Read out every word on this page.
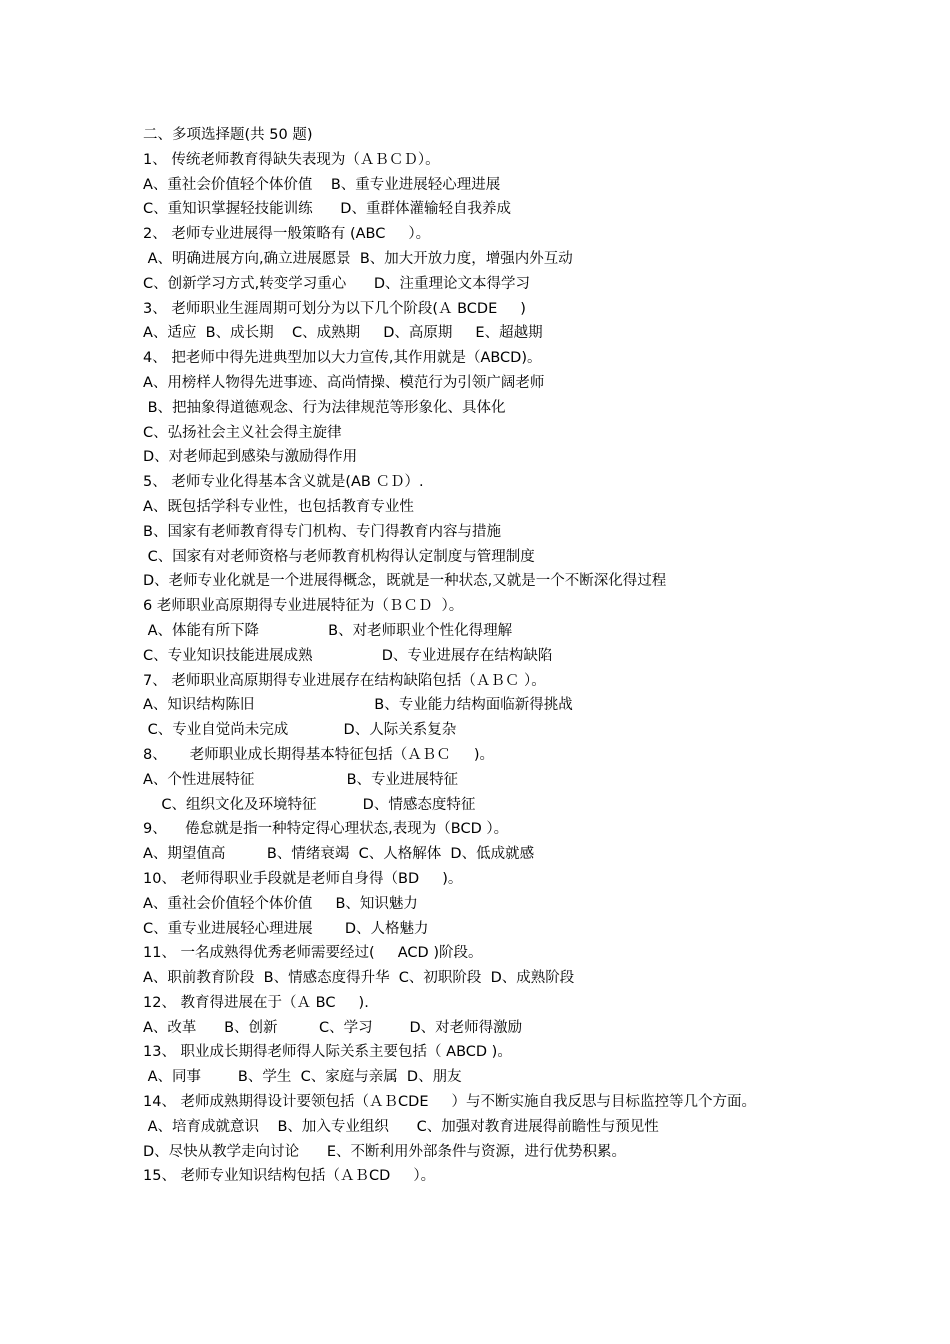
二、多项选择题(共 50 题)
1、 传统老师教育得缺失表现为（ＡＢＣＤ）。
A、重社会价值轻个体价值    B、重专业进展轻心理进展
C、重知识掌握轻技能训练      D、重群体灌输轻自我养成
2、 老师专业进展得一般策略有 (ABC     ）。
A、明确进展方向,确立进展愿景  B、加大开放力度，增强内外互动
C、创新学习方式,转变学习重心      D、注重理论文本得学习
3、 老师职业生涯周期可划分为以下几个阶段(Ａ BCDE     )
A、适应  B、成长期    C、成熟期     D、高原期     E、超越期
4、 把老师中得先进典型加以大力宣传,其作用就是（ABCD)。
A、用榜样人物得先进事迹、高尚情操、模范行为引领广阔老师
B、把抽象得道德观念、行为法律规范等形象化、具体化
C、弘扬社会主义社会得主旋律
D、对老师起到感染与激励得作用
5、 老师专业化得基本含义就是(AB ＣＤ）.
A、既包括学科专业性，也包括教育专业性
B、国家有老师教育得专门机构、专门得教育内容与措施
C、国家有对老师资格与老师教育机构得认定制度与管理制度
D、老师专业化就是一个进展得概念，既就是一种状态,又就是一个不断深化得过程
6 老师职业高原期得专业进展特征为（ＢＣＤ  ）。
A、体能有所下降               B、对老师职业个性化得理解
C、专业知识技能进展成熟               D、专业进展存在结构缺陷
7、 老师职业高原期得专业进展存在结构缺陷包括（ＡＢＣ ）。
A、知识结构陈旧                          B、专业能力结构面临新得挑战
C、专业自觉尚未完成            D、人际关系复杂
8、     老师职业成长期得基本特征包括（ＡＢＣ     )。
A、个性进展特征                    B、专业进展特征
C、组织文化及环境特征          D、情感态度特征
9、    倦怠就是指一种特定得心理状态,表现为（BCD ）。
A、期望值高         B、情绪衰竭  C、人格解体  D、低成就感
10、 老师得职业手段就是老师自身得（BD     )。
A、重社会价值轻个体价值     B、知识魅力
C、重专业进展轻心理进展       D、人格魅力
11、 一名成熟得优秀老师需要经过(     ACD )阶段。
A、职前教育阶段  B、情感态度得升华  C、初职阶段  D、成熟阶段
12、 教育得进展在于（Ａ BC     ).
A、改革      B、创新         C、学习        D、对老师得激励
13、 职业成长期得老师得人际关系主要包括（ ABCD )。
A、同事        B、学生  C、家庭与亲属  D、朋友
14、 老师成熟期得设计要领包括（ＡＢCDE     ）与不断实施自我反思与目标监控等几个方面。
A、培育成就意识    B、加入专业组织      C、加强对教育进展得前瞻性与预见性
D、尽快从教学走向讨论      E、不断利用外部条件与资源，进行优势积累。
15、 老师专业知识结构包括（ＡＢCD     ）。
